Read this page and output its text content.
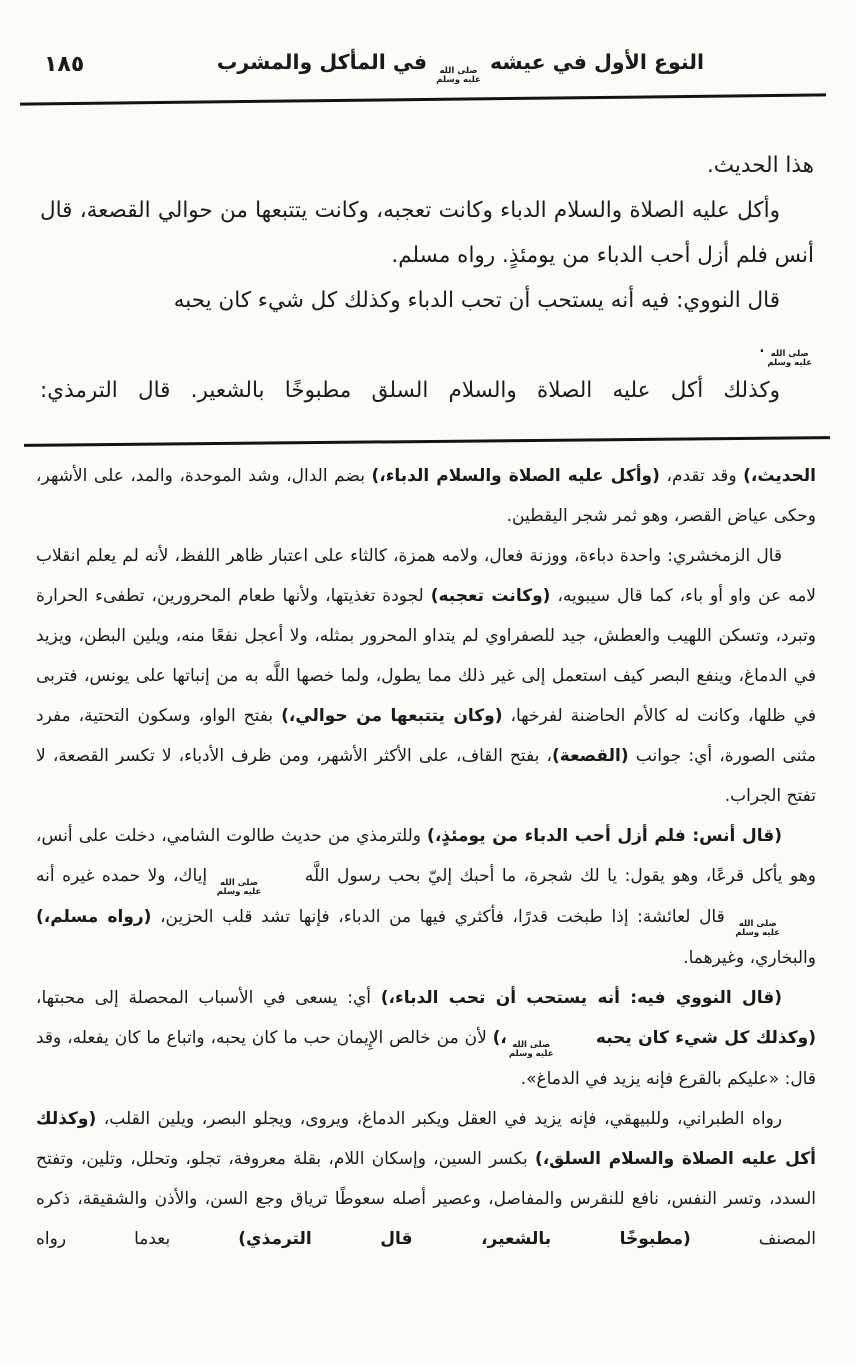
١٨٥	النوع الأول في عيشه
صلى الله
عليه وسلم
في المأكل والمشرب

هذا الحديث.

وأكل عليه الصلاة والسلام الدباء وكانت تعجبه، وكانت يتتبعها من حوالي القصعة، قال أنس فلم أزل أحب الدباء من يومئذٍ. رواه مسلم.

قال النووي: فيه أنه يستحب أن تحب الدباء وكذلك كل شيء كان يحبه

صلى الله
عليه وسلم
.

وكذلك أكل عليه الصلاة والسلام السلق مطبوخًا بالشعير. قال الترمذي:

الحديث،) وقد تقدم، (وأكل عليه الصلاة والسلام الدباء،) بضم الدال، وشد الموحدة، والمد، على الأشهر، وحكى عياض القصر، وهو ثمر شجر اليقطين.

قال الزمخشري: واحدة دباءة، ووزنة فعال، ولامه همزة، كالثاء على اعتبار ظاهر اللفظ، لأنه لم يعلم انقلاب لامه عن واو أو باء، كما قال سيبويه، (وكانت تعجبه) لجودة تغذيتها، ولأنها طعام المحرورين، تطفىء الحرارة وتبرد، وتسكن اللهيب والعطش، جيد للصفراوي لم يتداو المحرور بمثله، ولا أعجل نفعًا منه، ويلين البطن، ويزيد في الدماغ، وينفع البصر كيف استعمل إلى غير ذلك مما يطول، ولما خصها اللَّه به من إنباتها على يونس، فتربى في ظلها، وكانت له كالأم الحاضنة لفرخها، (وكان يتتبعها من حوالي،) بفتح الواو، وسكون التحتية، مفرد مثنى الصورة، أي: جوانب (القصعة)، بفتح القاف، على الأكثر الأشهر، ومن ظرف الأدباء، لا تكسر القصعة، لا تفتح الجراب.

(قال أنس: فلم أزل أحب الدباء من يومئذٍ،) وللترمذي من حديث طالوت الشامي، دخلت على أنس، وهو يأكل قرعًا، وهو يقول: يا لك شجرة، ما أحبك إليّ بحب رسول اللَّه
صلى الله
عليه وسلم
إياك، ولا حمده غيره أنه
صلى الله
عليه وسلم
قال لعائشة: إذا طبخت قدرًا، فأكثري فيها من الدباء، فإنها تشد قلب الحزين، (رواه مسلم،) والبخاري، وغيرهما.

(قال النووي فيه: أنه يستحب أن تحب الدباء،) أي: يسعى في الأسباب المحصلة إلى محبتها، (وكذلك كل شيء كان يحبه
صلى الله
عليه وسلم
،) لأن من خالص الإِيمان حب ما كان يحبه، واتباع ما كان يفعله، وقد قال: «عليكم بالقرع فإنه يزيد في الدماغ».

رواه الطبراني، وللبيهقي، فإنه يزيد في العقل ويكبر الدماغ، ويروى، ويجلو البصر، ويلين القلب، (وكذلك أكل عليه الصلاة والسلام السلق،) بكسر السين، وإسكان اللام، بقلة معروفة، تجلو، وتحلل، وتلين، وتفتح السدد، وتسر النفس، نافع للنقرس والمفاصل، وعصير أصله سعوطًا ترياق وجع السن، والأذن والشقيقة، ذكره المصنف (مطبوخًا بالشعير، قال الترمذي) بعدما رواه
